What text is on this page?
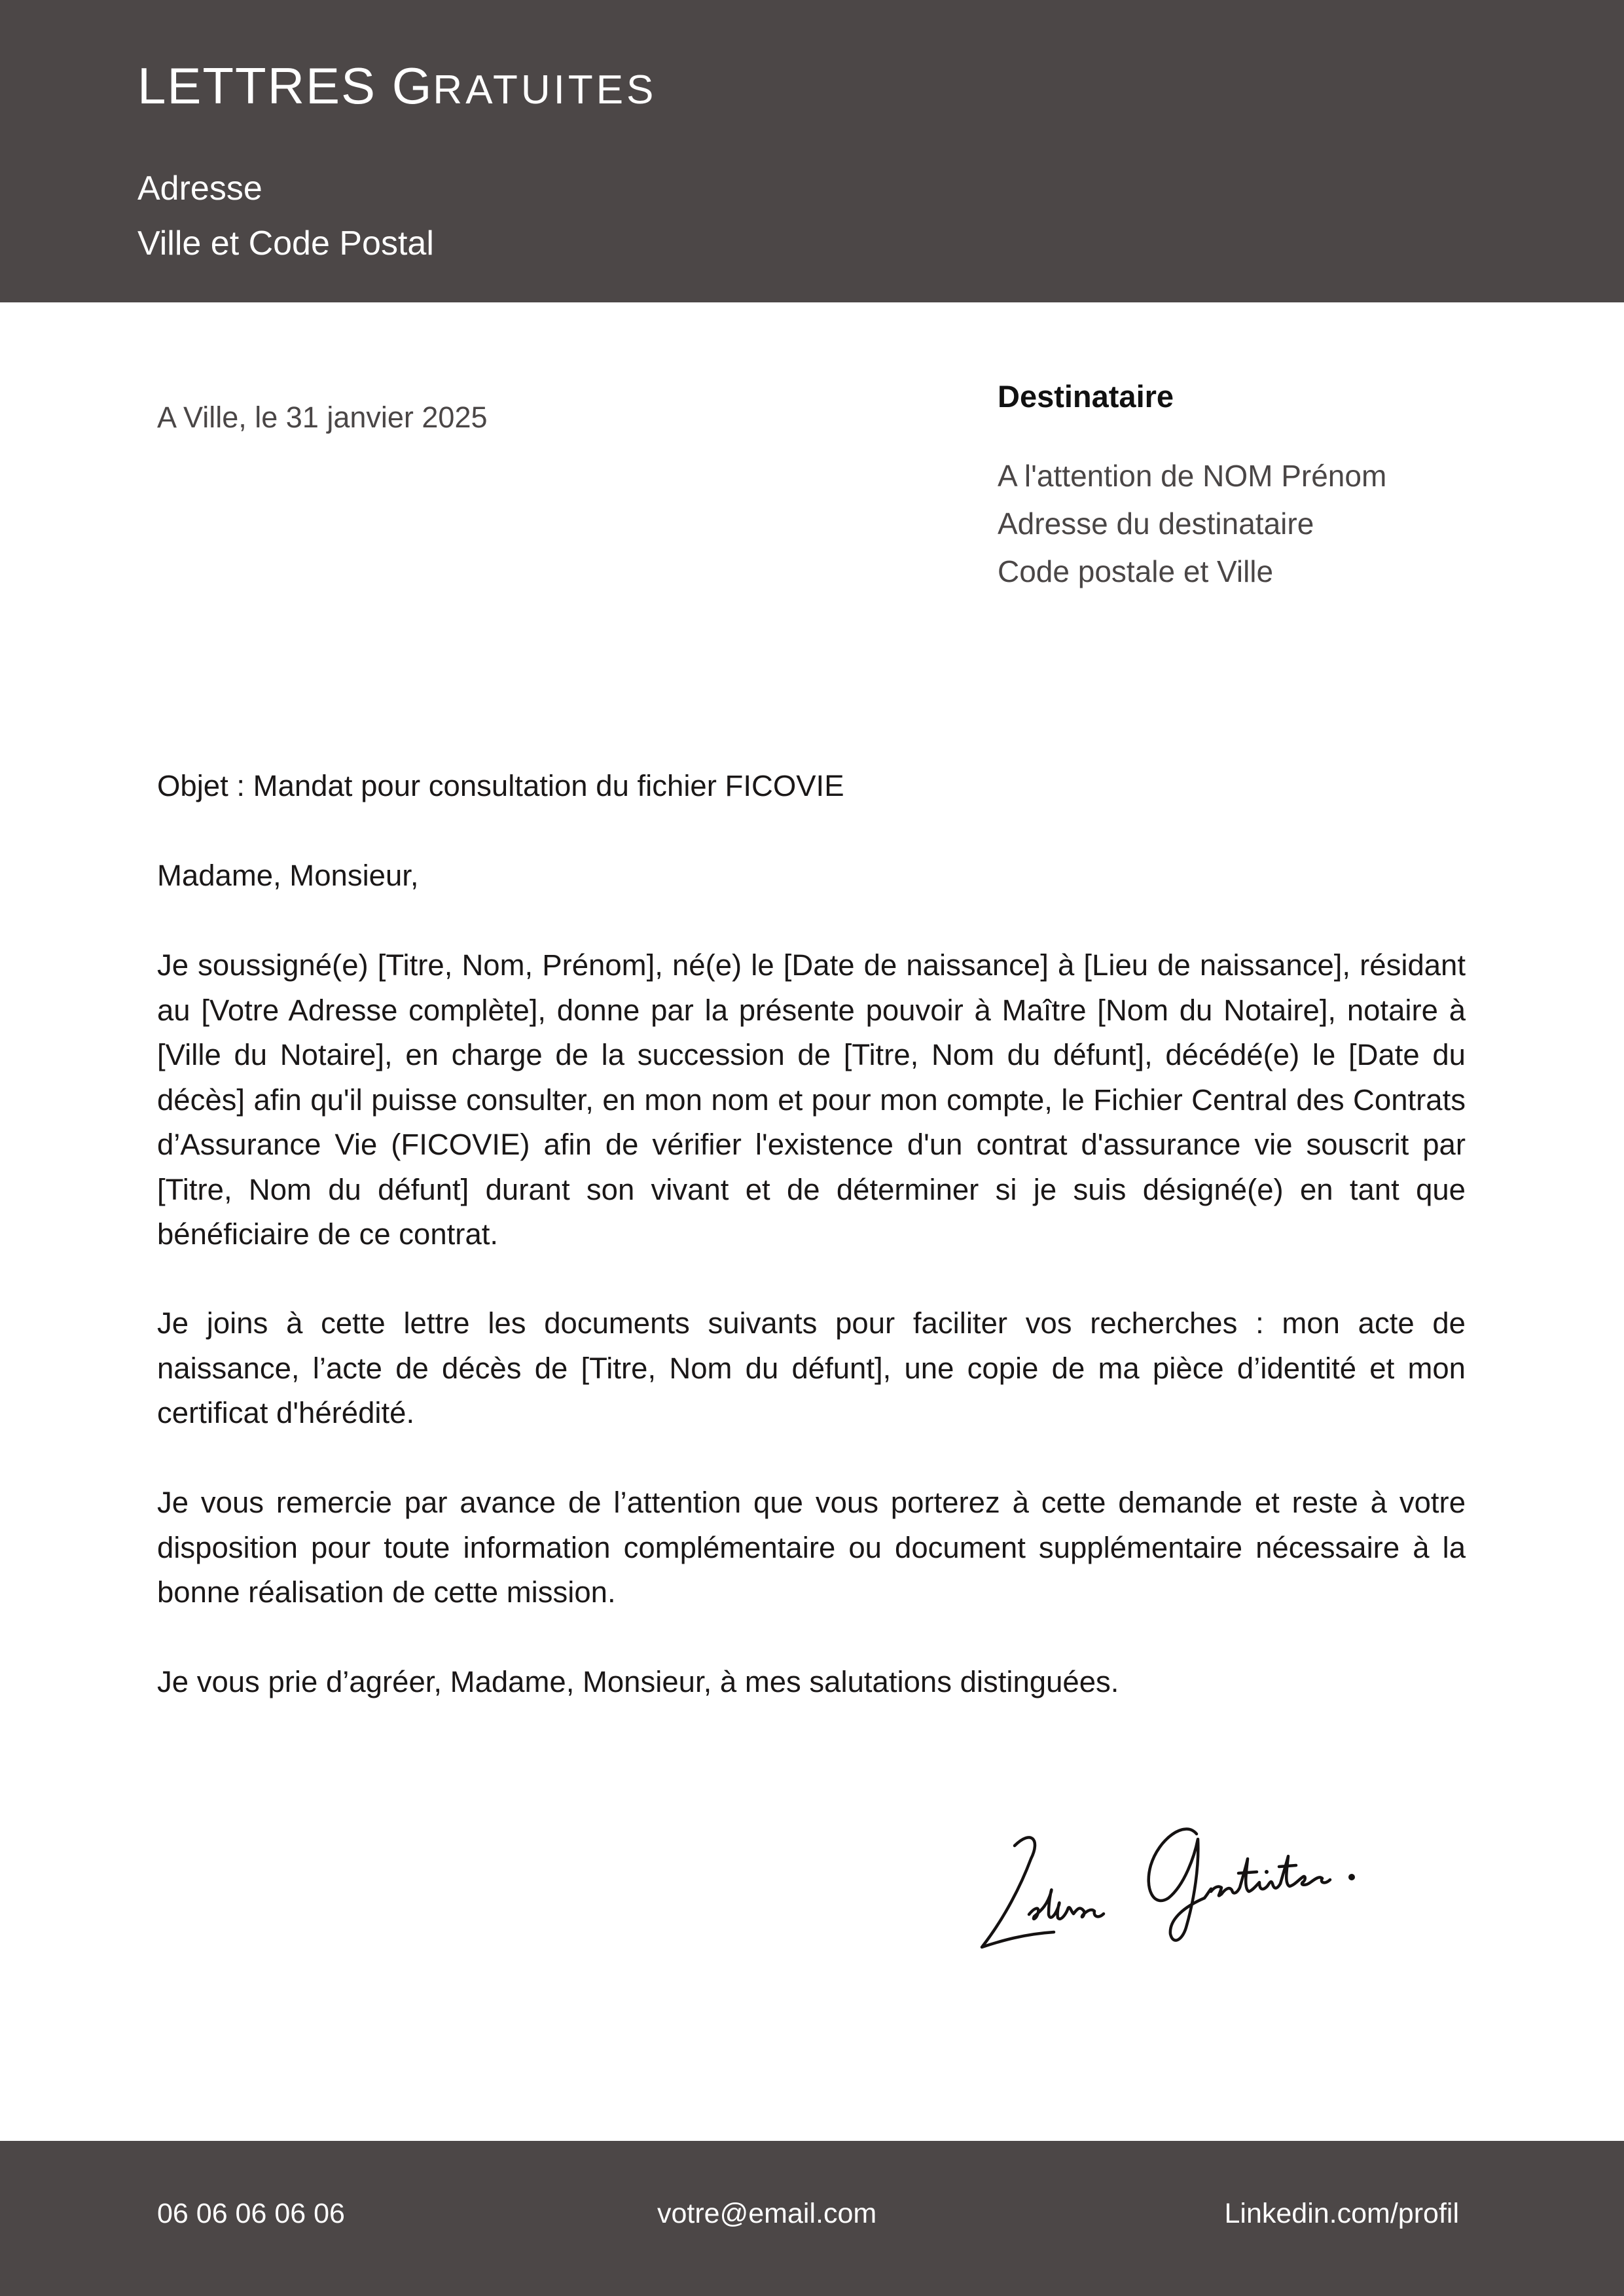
LETTRES GRATUITES
Adresse
Ville et Code Postal
A Ville, le 31 janvier 2025
Destinataire
A l'attention de NOM Prénom
Adresse du destinataire
Code postale et Ville
Objet : Mandat pour consultation du fichier FICOVIE
Madame, Monsieur,
Je soussigné(e) [Titre, Nom, Prénom], né(e) le [Date de naissance] à [Lieu de naissance], résidant au [Votre Adresse complète], donne par la présente pouvoir à Maître [Nom du Notaire], notaire à [Ville du Notaire], en charge de la succession de [Titre, Nom du défunt], décédé(e) le [Date du décès] afin qu'il puisse consulter, en mon nom et pour mon compte, le Fichier Central des Contrats d’Assurance Vie (FICOVIE) afin de vérifier l'existence d'un contrat d'assurance vie souscrit par [Titre, Nom du défunt] durant son vivant et de déterminer si je suis désigné(e) en tant que bénéficiaire de ce contrat.
Je joins à cette lettre les documents suivants pour faciliter vos recherches : mon acte de naissance, l’acte de décès de [Titre, Nom du défunt], une copie de ma pièce d’identité et mon certificat d'hérédité.
Je vous remercie par avance de l’attention que vous porterez à cette demande et reste à votre disposition pour toute information complémentaire ou document supplémentaire nécessaire à la bonne réalisation de cette mission.
Je vous prie d’agréer, Madame, Monsieur, à mes salutations distinguées.
06 06 06 06 06	votre@email.com	Linkedin.com/profil
